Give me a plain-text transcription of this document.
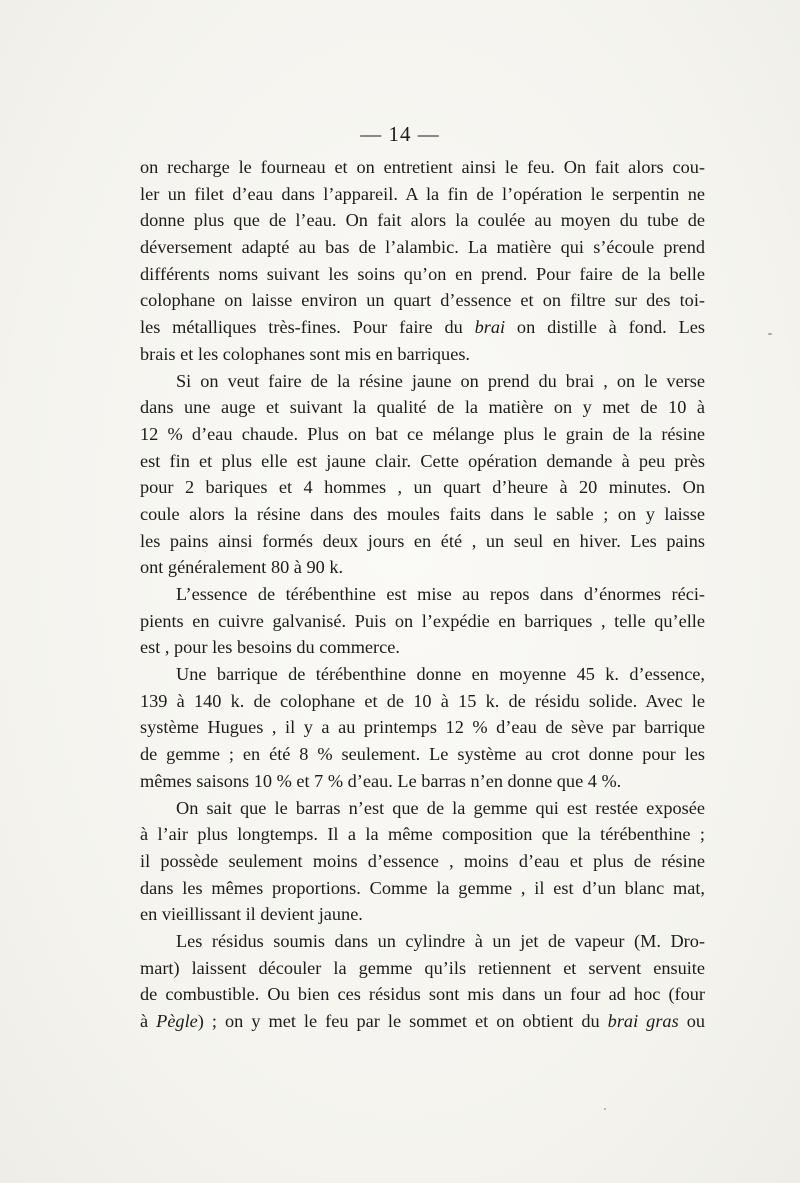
— 14 —
on recharge le fourneau et on entretient ainsi le feu. On fait alors cou-
ler un filet d’eau dans l’appareil. A la fin de l’opération le serpentin ne
donne plus que de l’eau. On fait alors la coulée au moyen du tube de
déversement adapté au bas de l’alambic. La matière qui s’écoule prend
différents noms suivant les soins qu’on en prend. Pour faire de la belle
colophane on laisse environ un quart d’essence et on filtre sur des toi-
les métalliques très-fines. Pour faire du brai on distille à fond. Les
brais et les colophanes sont mis en barriques.
Si on veut faire de la résine jaune on prend du brai , on le verse
dans une auge et suivant la qualité de la matière on y met de 10 à
12 % d’eau chaude. Plus on bat ce mélange plus le grain de la résine
est fin et plus elle est jaune clair. Cette opération demande à peu près
pour 2 bariques et 4 hommes , un quart d’heure à 20 minutes. On
coule alors la résine dans des moules faits dans le sable ; on y laisse
les pains ainsi formés deux jours en été , un seul en hiver. Les pains
ont généralement 80 à 90 k.
L’essence de térébenthine est mise au repos dans d’énormes réci-
pients en cuivre galvanisé. Puis on l’expédie en barriques , telle qu’elle
est , pour les besoins du commerce.
Une barrique de térébenthine donne en moyenne 45 k. d’essence,
139 à 140 k. de colophane et de 10 à 15 k. de résidu solide. Avec le
système Hugues , il y a au printemps 12 % d’eau de sève par barrique
de gemme ; en été 8 % seulement. Le système au crot donne pour les
mêmes saisons 10 % et 7 % d’eau. Le barras n’en donne que 4 %.
On sait que le barras n’est que de la gemme qui est restée exposée
à l’air plus longtemps. Il a la même composition que la térébenthine ;
il possède seulement moins d’essence , moins d’eau et plus de résine
dans les mêmes proportions. Comme la gemme , il est d’un blanc mat,
en vieillissant il devient jaune.
Les résidus soumis dans un cylindre à un jet de vapeur (M. Dro-
mart) laissent découler la gemme qu’ils retiennent et servent ensuite
de combustible. Ou bien ces résidus sont mis dans un four ad hoc (four
à Pègle) ; on y met le feu par le sommet et on obtient du brai gras ou
